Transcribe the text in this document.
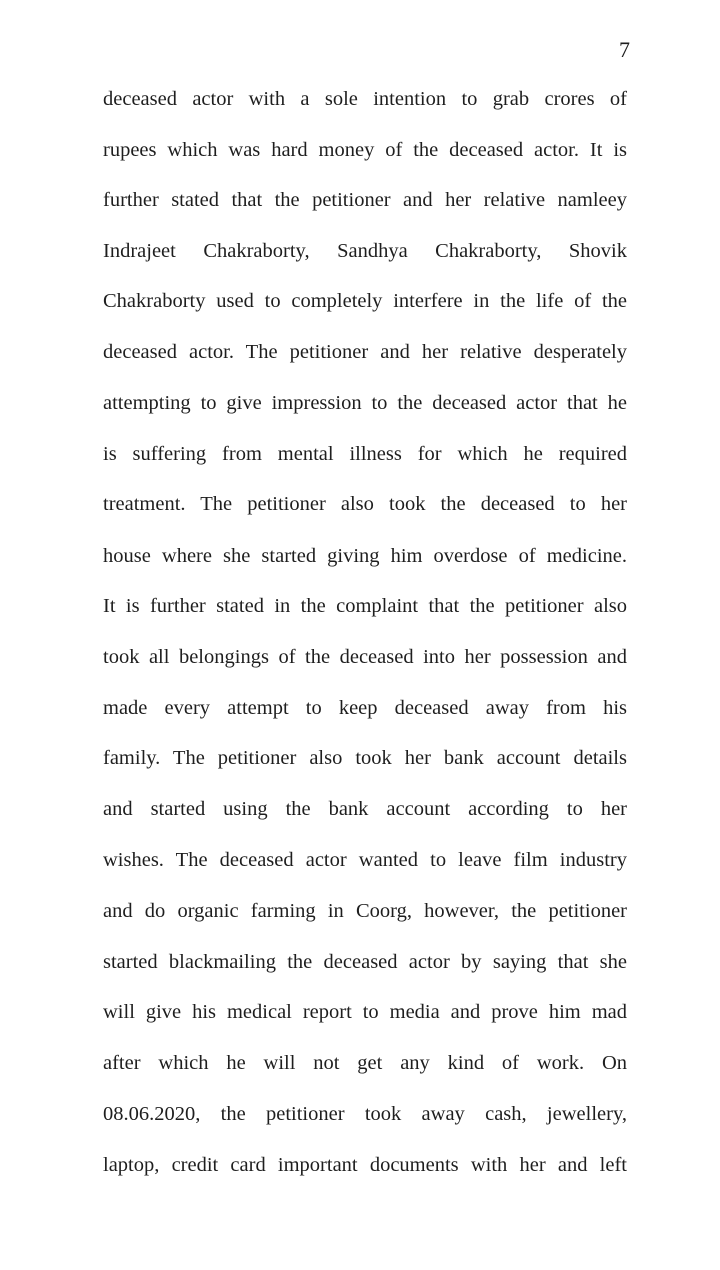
7
deceased actor with a sole intention to grab crores of
rupees which was hard money of the deceased actor. It is
further stated that the petitioner and her relative namleey
Indrajeet Chakraborty, Sandhya Chakraborty, Shovik
Chakraborty used to completely interfere in the life of the
deceased actor. The petitioner and her relative desperately
attempting to give impression to the deceased actor that he
is suffering from mental illness for which he required
treatment. The petitioner also took the deceased to her
house where she started giving him overdose of medicine.
It is further stated in the complaint that the petitioner also
took all belongings of the deceased into her possession and
made every attempt to keep deceased away from his
family. The petitioner also took her bank account details
and started using the bank account according to her
wishes. The deceased actor wanted to leave film industry
and do organic farming in Coorg, however, the petitioner
started blackmailing the deceased actor by saying that she
will give his medical report to media and prove him mad
after which he will not get any kind of work. On
08.06.2020, the petitioner took away cash, jewellery,
laptop, credit card important documents with her and left
